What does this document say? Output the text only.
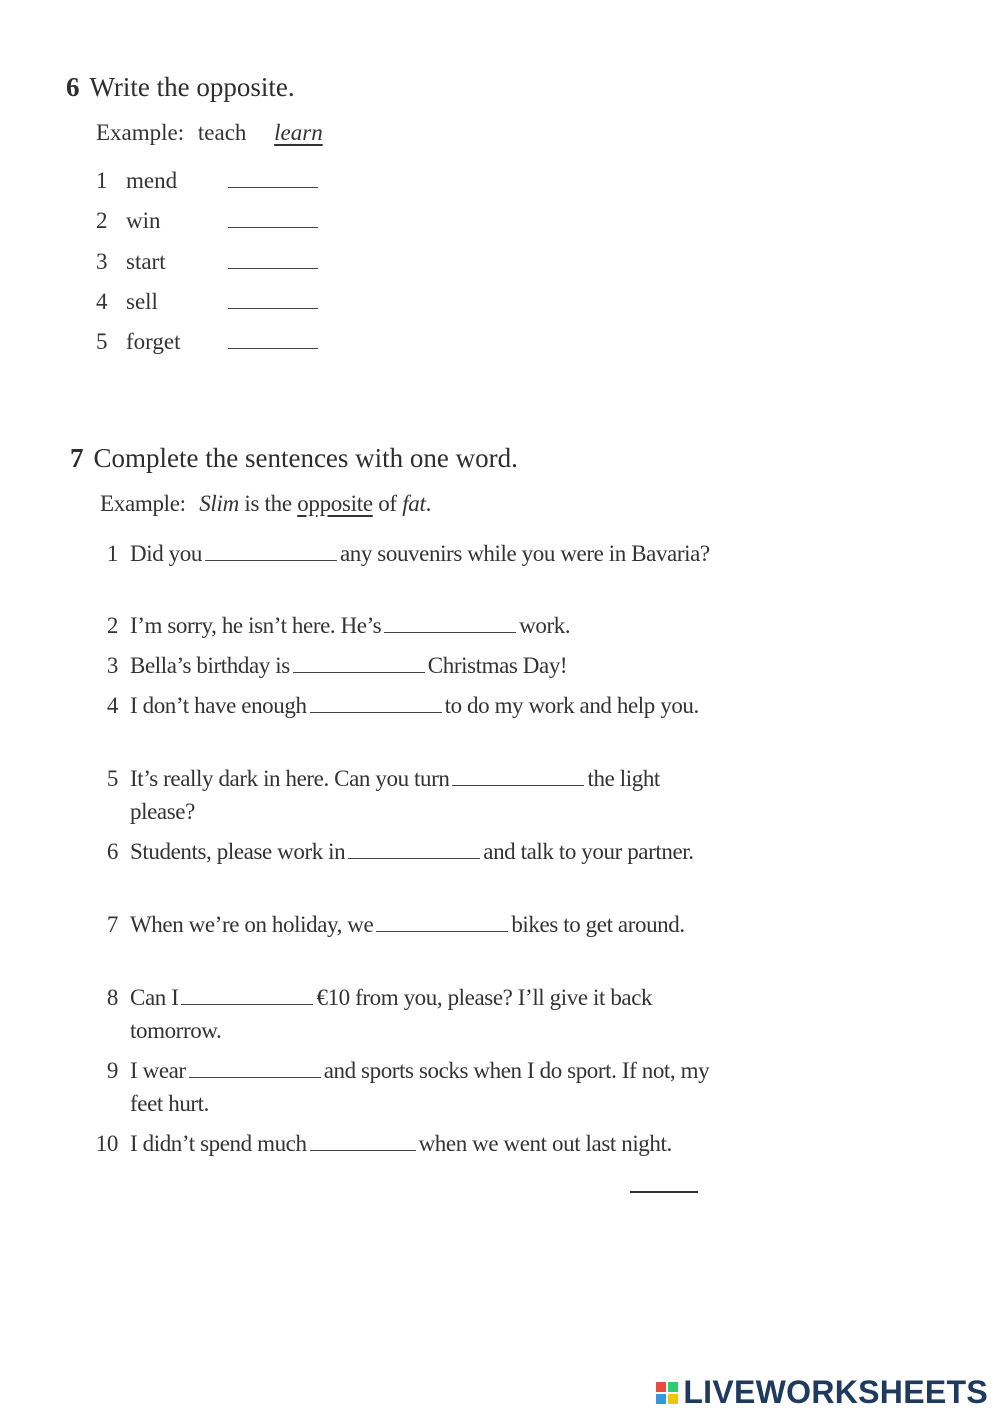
6 Write the opposite.
Example: teach learn
1 mend
2 win
3 start
4 sell
5 forget
7 Complete the sentences with one word.
Example: Slim is the opposite of fat.
1 Did you	any souvenirs while you were in Bavaria?
2 I’m sorry, he isn’t here. He’s	work.
3 Bella’s birthday is	Christmas Day!
4 I don’t have enough	to do my work and help you.
5 It’s really dark in here. Can you turn	the light please?
6 Students, please work in	and talk to your partner.
7 When we’re on holiday, we	bikes to get around.
8 Can I	€10 from you, please? I’ll give it back tomorrow.
9 I wear	and sports socks when I do sport. If not, my feet hurt.
10 I didn’t spend much	when we went out last night.
LIVEWORKSHEETS
